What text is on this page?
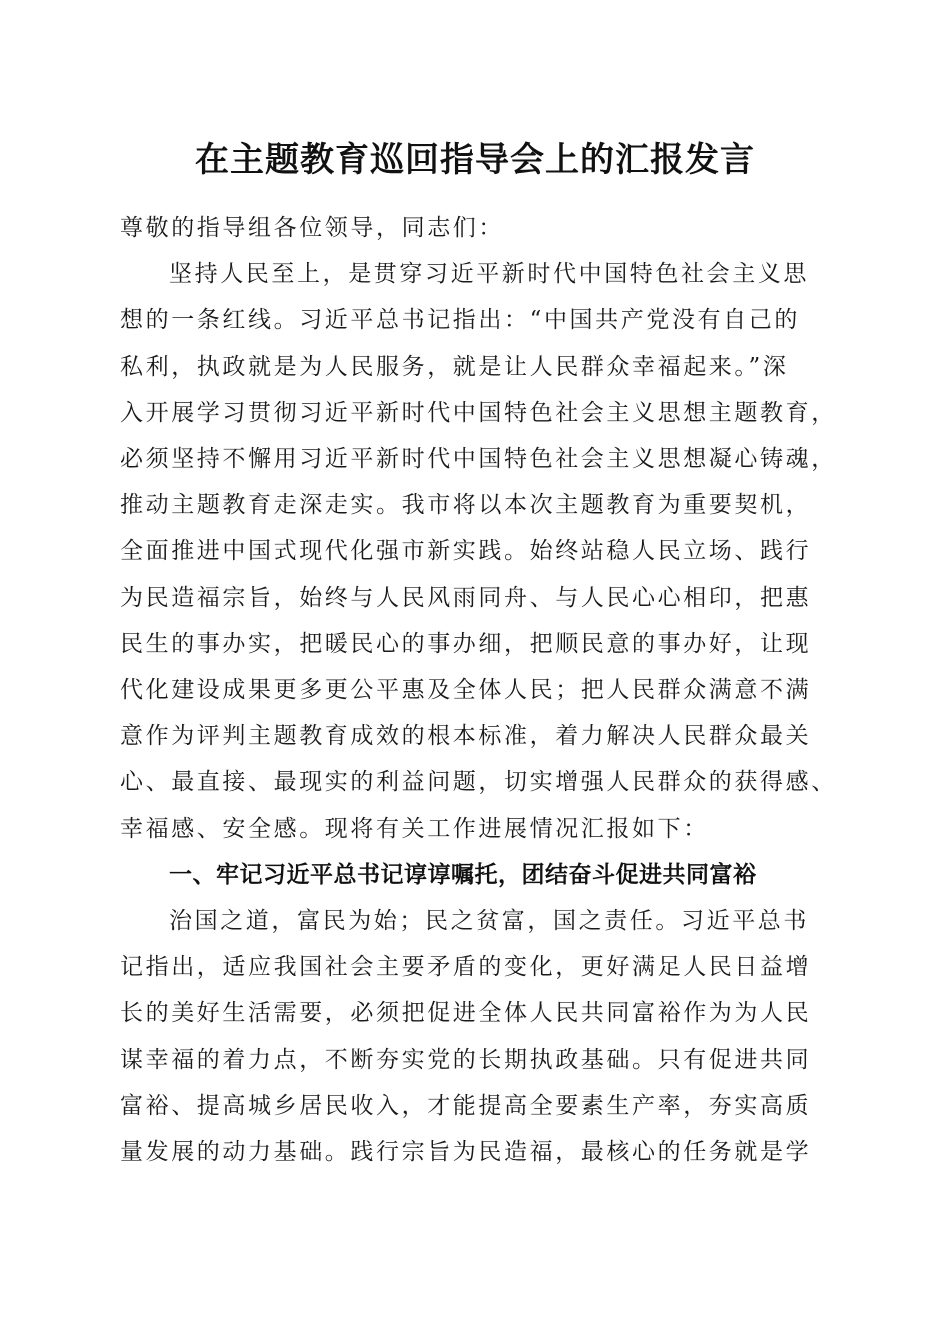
在主题教育巡回指导会上的汇报发言
尊敬的指导组各位领导，同志们：
坚持人民至上，是贯穿习近平新时代中国特色社会主义思
想的一条红线。习近平总书记指出：“中国共产党没有自己的
私利，执政就是为人民服务，就是让人民群众幸福起来。”深
入开展学习贯彻习近平新时代中国特色社会主义思想主题教育，
必须坚持不懈用习近平新时代中国特色社会主义思想凝心铸魂，
推动主题教育走深走实。我市将以本次主题教育为重要契机，
全面推进中国式现代化强市新实践。始终站稳人民立场、践行
为民造福宗旨，始终与人民风雨同舟、与人民心心相印，把惠
民生的事办实，把暖民心的事办细，把顺民意的事办好，让现
代化建设成果更多更公平惠及全体人民；把人民群众满意不满
意作为评判主题教育成效的根本标准，着力解决人民群众最关
心、最直接、最现实的利益问题，切实增强人民群众的获得感、
幸福感、安全感。现将有关工作进展情况汇报如下：
一、牢记习近平总书记谆谆嘱托，团结奋斗促进共同富裕
治国之道，富民为始；民之贫富，国之责任。习近平总书
记指出，适应我国社会主要矛盾的变化，更好满足人民日益增
长的美好生活需要，必须把促进全体人民共同富裕作为为人民
谋幸福的着力点，不断夯实党的长期执政基础。只有促进共同
富裕、提高城乡居民收入，才能提高全要素生产率，夯实高质
量发展的动力基础。践行宗旨为民造福，最核心的任务就是学
